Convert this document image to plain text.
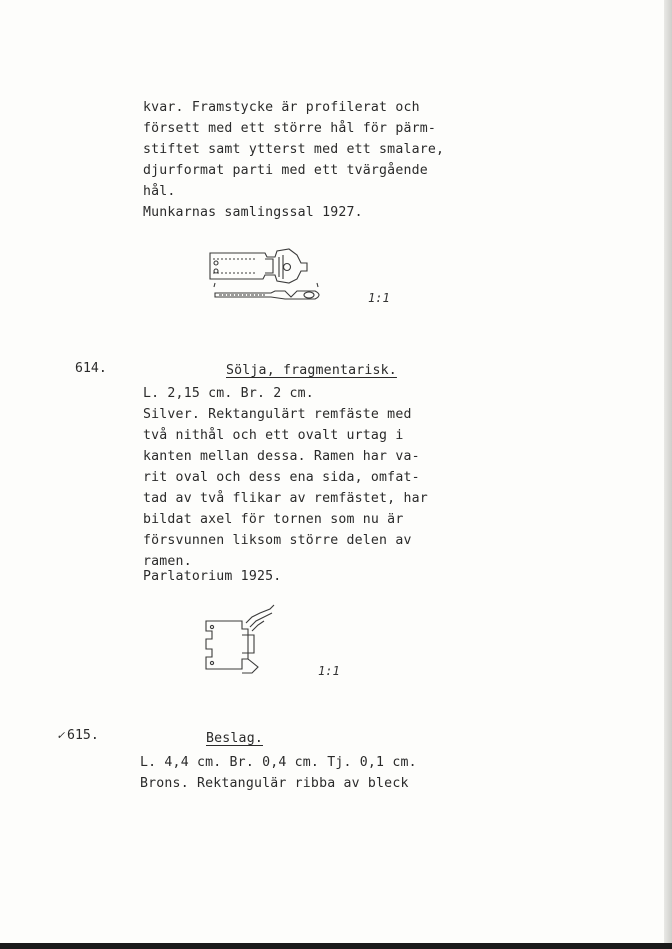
kvar. Framstycke är profilerat och
försett med ett större hål för pärm-
stiftet samt ytterst med ett smalare,
djurformat parti med ett tvärgående
hål.
Munkarnas samlingssal 1927.
1:1
614.	Sölja, fragmentarisk.
L. 2,15 cm. Br. 2 cm.
Silver. Rektangulärt remfäste med
två nithål och ett ovalt urtag i
kanten mellan dessa. Ramen har va-
rit oval och dess ena sida, omfat-
tad av två flikar av remfästet, har
bildat axel för tornen som nu är
försvunnen liksom större delen av
ramen.
Parlatorium 1925.
1:1
✓ 615.	Beslag.
L. 4,4 cm. Br. 0,4 cm. Tj. 0,1 cm.
Brons. Rektangulär ribba av bleck
